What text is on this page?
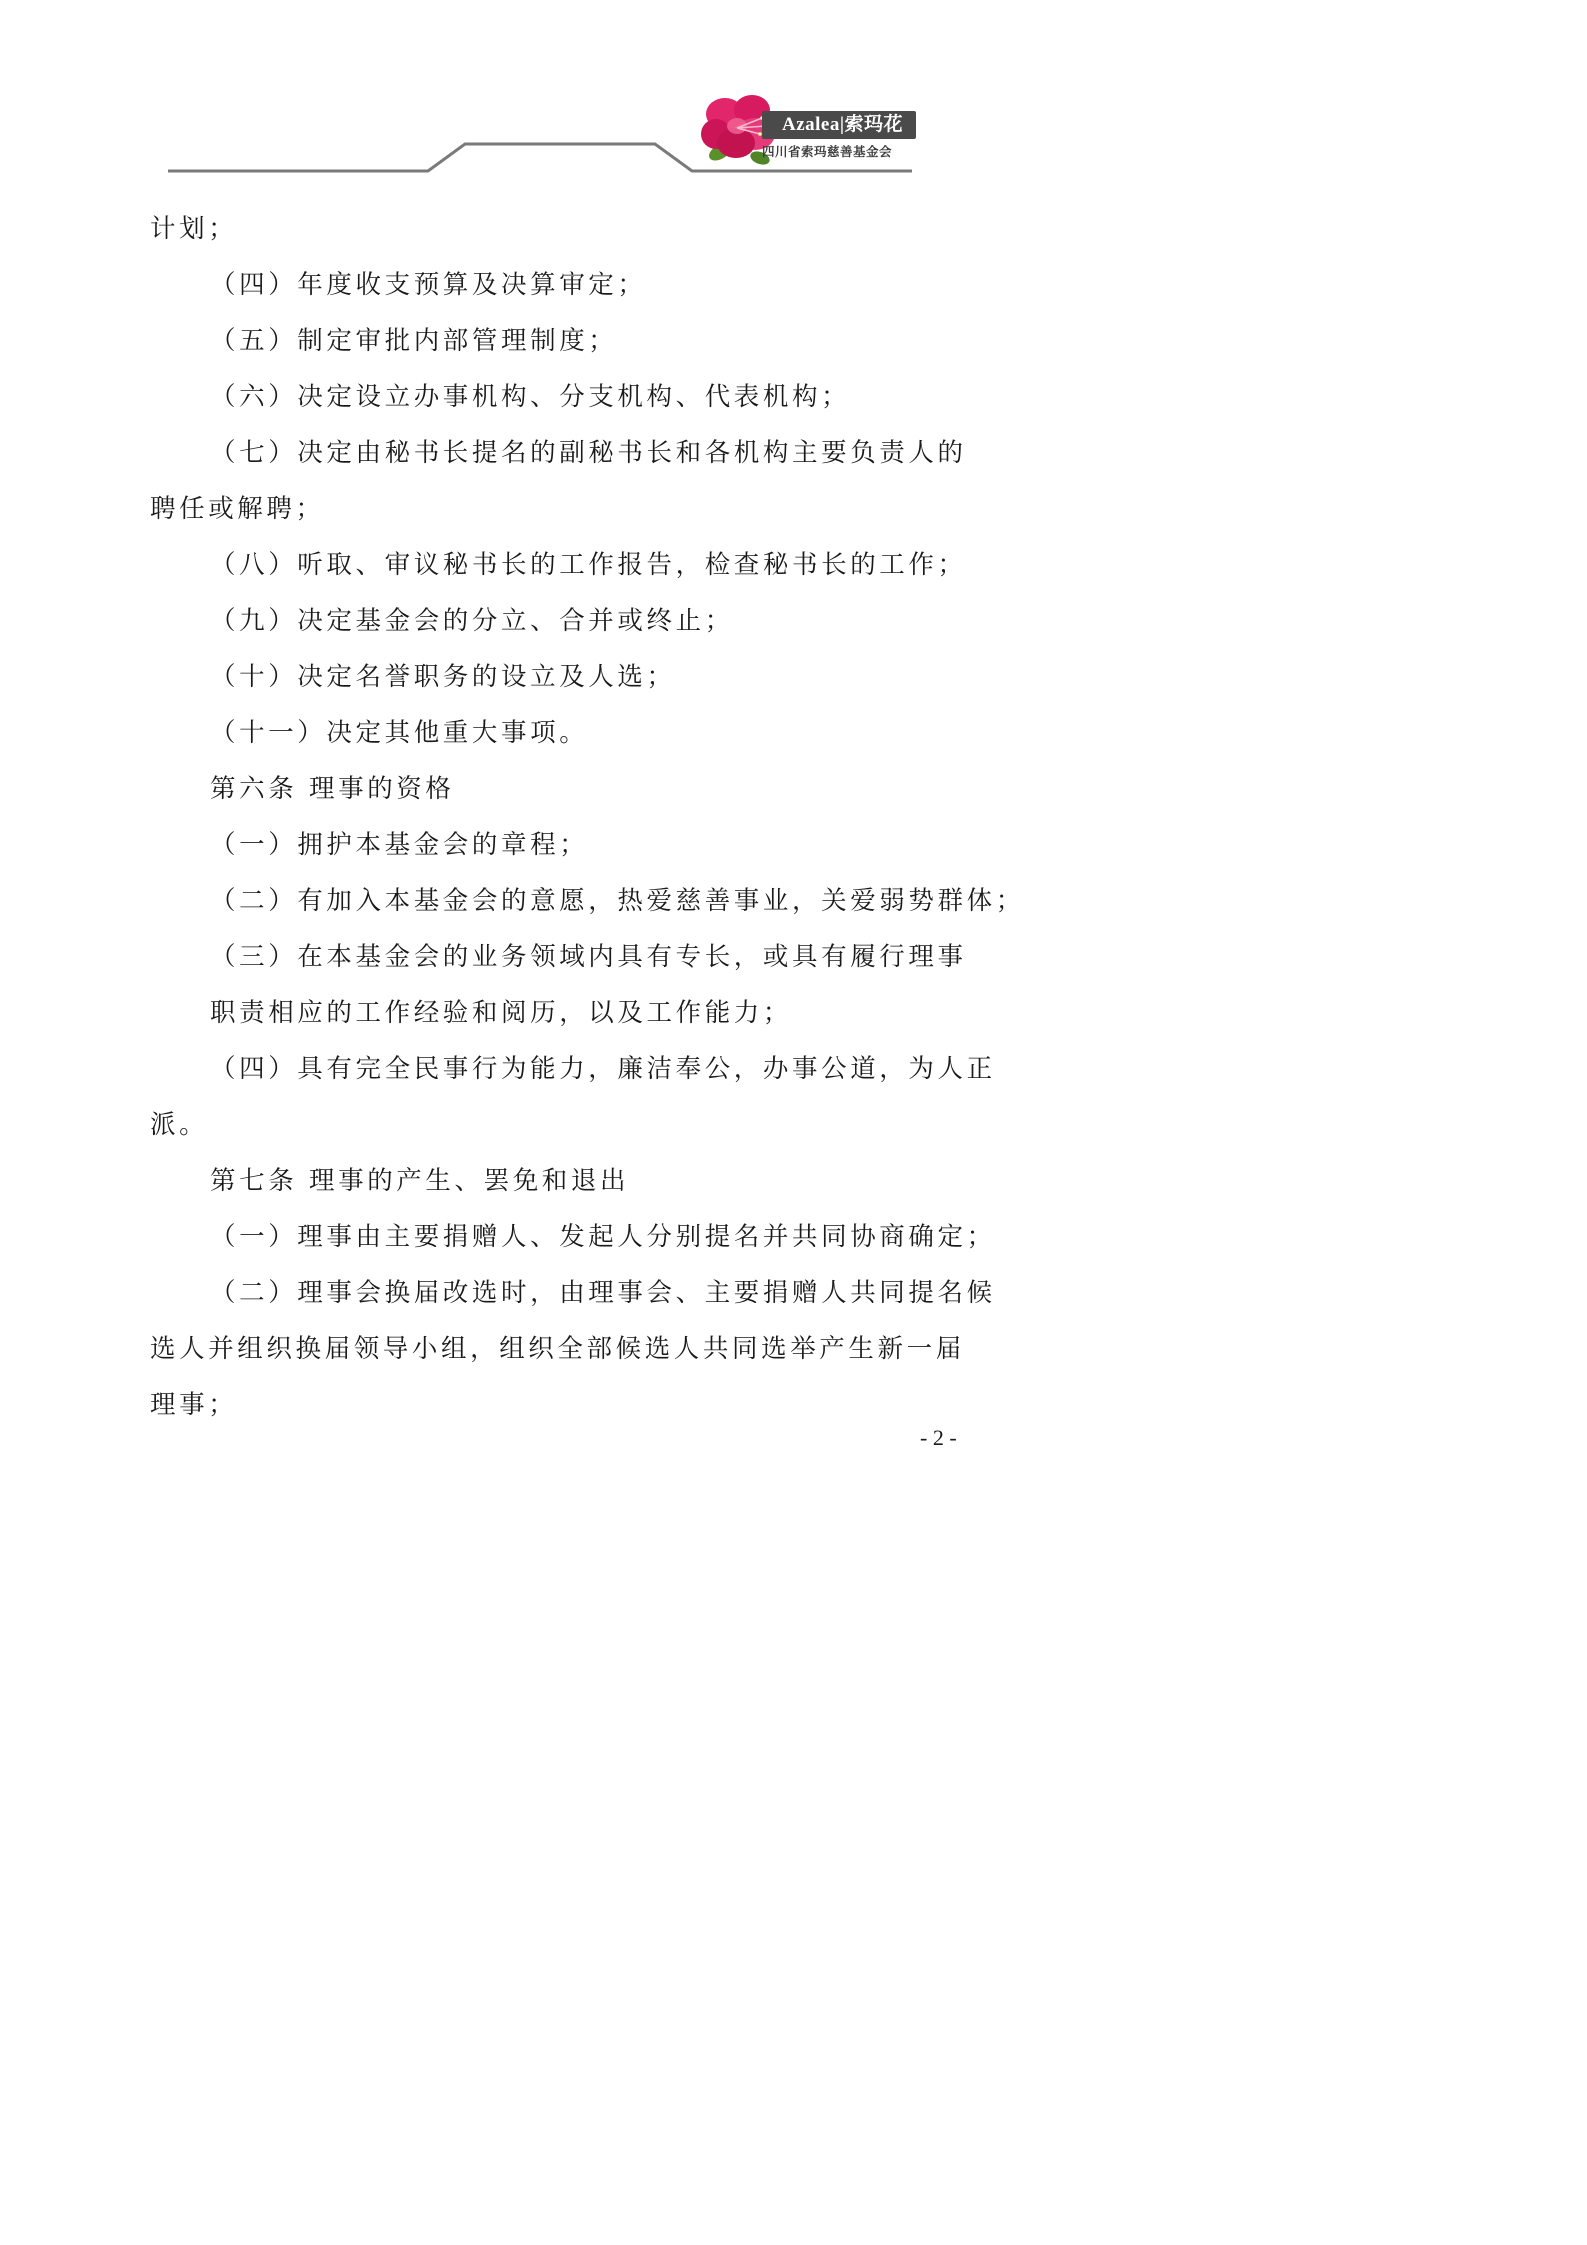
Azalea|索玛花
四川省索玛慈善基金会
计划；
（四）年度收支预算及决算审定；
（五）制定审批内部管理制度；
（六）决定设立办事机构、分支机构、代表机构；
（七）决定由秘书长提名的副秘书长和各机构主要负责人的
聘任或解聘；
（八）听取、审议秘书长的工作报告，检查秘书长的工作；
（九）决定基金会的分立、合并或终止；
（十）决定名誉职务的设立及人选；
（十一）决定其他重大事项。
第六条 理事的资格
（一）拥护本基金会的章程；
（二）有加入本基金会的意愿，热爱慈善事业，关爱弱势群体；
（三）在本基金会的业务领域内具有专长，或具有履行理事
职责相应的工作经验和阅历，以及工作能力；
（四）具有完全民事行为能力，廉洁奉公，办事公道，为人正
派。
第七条 理事的产生、罢免和退出
（一）理事由主要捐赠人、发起人分别提名并共同协商确定；
（二）理事会换届改选时，由理事会、主要捐赠人共同提名候
选人并组织换届领导小组，组织全部候选人共同选举产生新一届
理事；
- 2 -
